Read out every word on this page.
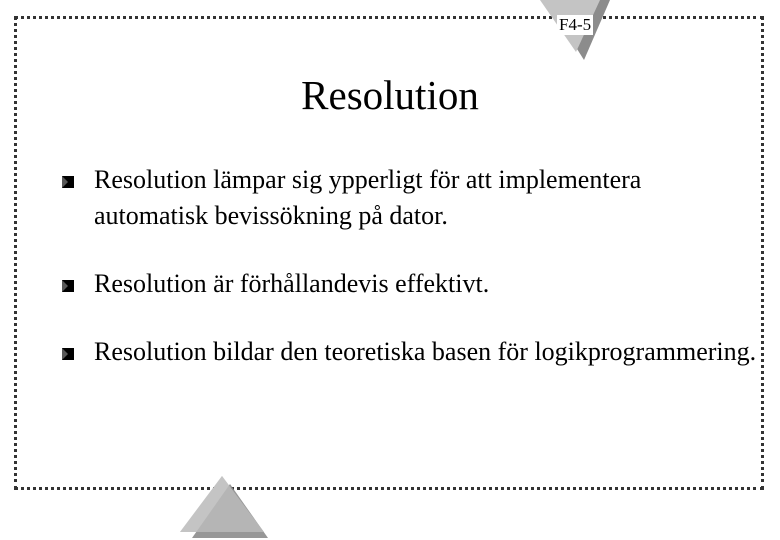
F4-5
Resolution
Resolution lämpar sig ypperligt för att implementera automatisk bevissökning på dator.
Resolution är förhållandevis effektivt.
Resolution bildar den teoretiska basen för logikprogrammering.
